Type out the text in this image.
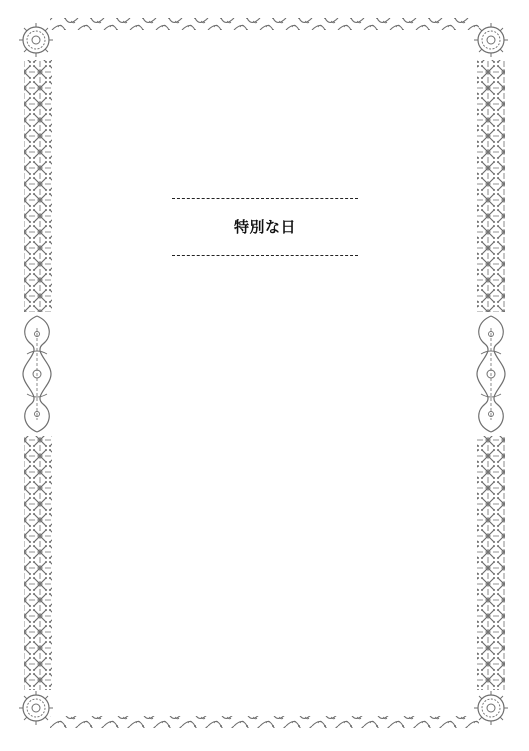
特別な日
